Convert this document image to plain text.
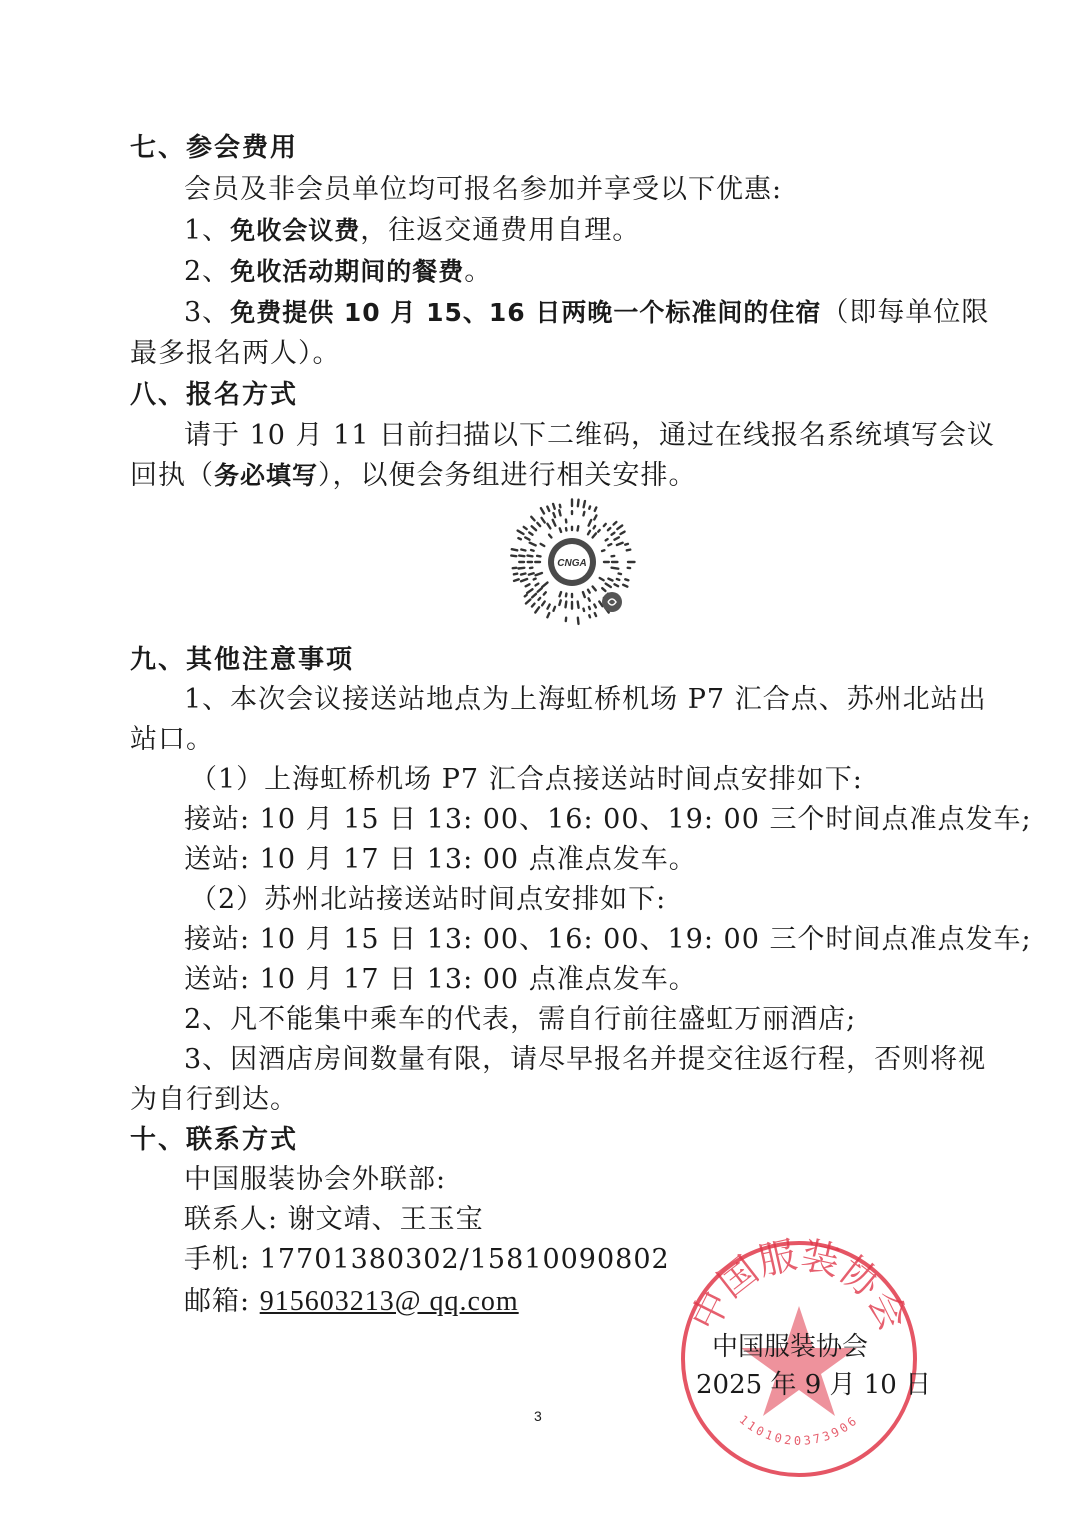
七、参会费用
会员及非会员单位均可报名参加并享受以下优惠:
1、免收会议费，往返交通费用自理。
2、免收活动期间的餐费。
3、免费提供 10 月 15、16 日两晚一个标准间的住宿（即每单位限
最多报名两人）。
八、报名方式
请于 10 月 11 日前扫描以下二维码，通过在线报名系统填写会议
回执（务必填写），以便会务组进行相关安排。
CNGA
九、其他注意事项
1、本次会议接送站地点为上海虹桥机场 P7 汇合点、苏州北站出
站口。
（1）上海虹桥机场 P7 汇合点接送站时间点安排如下:
接站: 10 月 15 日 13: 00、16: 00、19: 00 三个时间点准点发车;
送站: 10 月 17 日 13: 00 点准点发车。
（2）苏州北站接送站时间点安排如下:
接站: 10 月 15 日 13: 00、16: 00、19: 00 三个时间点准点发车;
送站: 10 月 17 日 13: 00 点准点发车。
2、凡不能集中乘车的代表，需自行前往盛虹万丽酒店;
3、因酒店房间数量有限，请尽早报名并提交往返行程，否则将视
为自行到达。
十、联系方式
中国服装协会外联部:
联系人: 谢文靖、王玉宝
手机: 17701380302/15810090802
邮箱: 915603213@ qq.com	中国服装协会
1101020373906
中国服装协会
2025 年 9 月 10 日
3
